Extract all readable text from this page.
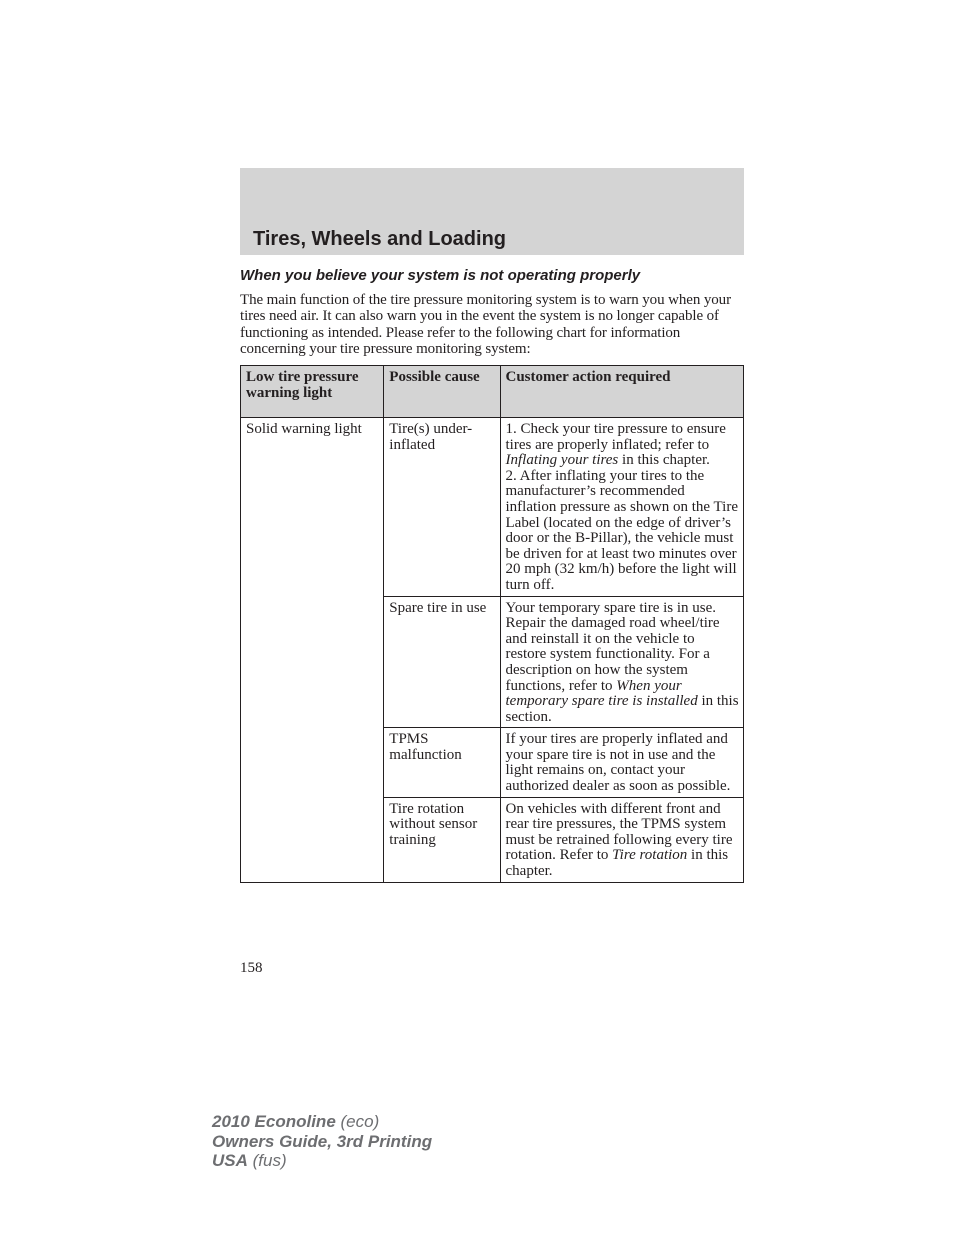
Tires, Wheels and Loading
When you believe your system is not operating properly

The main function of the tire pressure monitoring system is to warn you when your tires need air. It can also warn you in the event the system is no longer capable of functioning as intended. Please refer to the following chart for information concerning your tire pressure monitoring system:

Low tire pressure warning light	Possible cause	Customer action required
Solid warning light	Tire(s) under-inflated	1. Check your tire pressure to ensure tires are properly inflated; refer to Inflating your tires in this chapter.
2. After inflating your tires to the manufacturer’s recommended inflation pressure as shown on the Tire Label (located on the edge of driver’s door or the B-Pillar), the vehicle must be driven for at least two minutes over 20 mph (32 km/h) before the light will turn off.
	Spare tire in use	Your temporary spare tire is in use. Repair the damaged road wheel/tire and reinstall it on the vehicle to restore system functionality. For a description on how the system functions, refer to When your temporary spare tire is installed in this section.
	TPMS malfunction	If your tires are properly inflated and your spare tire is not in use and the light remains on, contact your authorized dealer as soon as possible.
	Tire rotation without sensor training	On vehicles with different front and rear tire pressures, the TPMS system must be retrained following every tire rotation. Refer to Tire rotation in this chapter.
158
2010 Econoline (eco)
Owners Guide, 3rd Printing
USA (fus)
